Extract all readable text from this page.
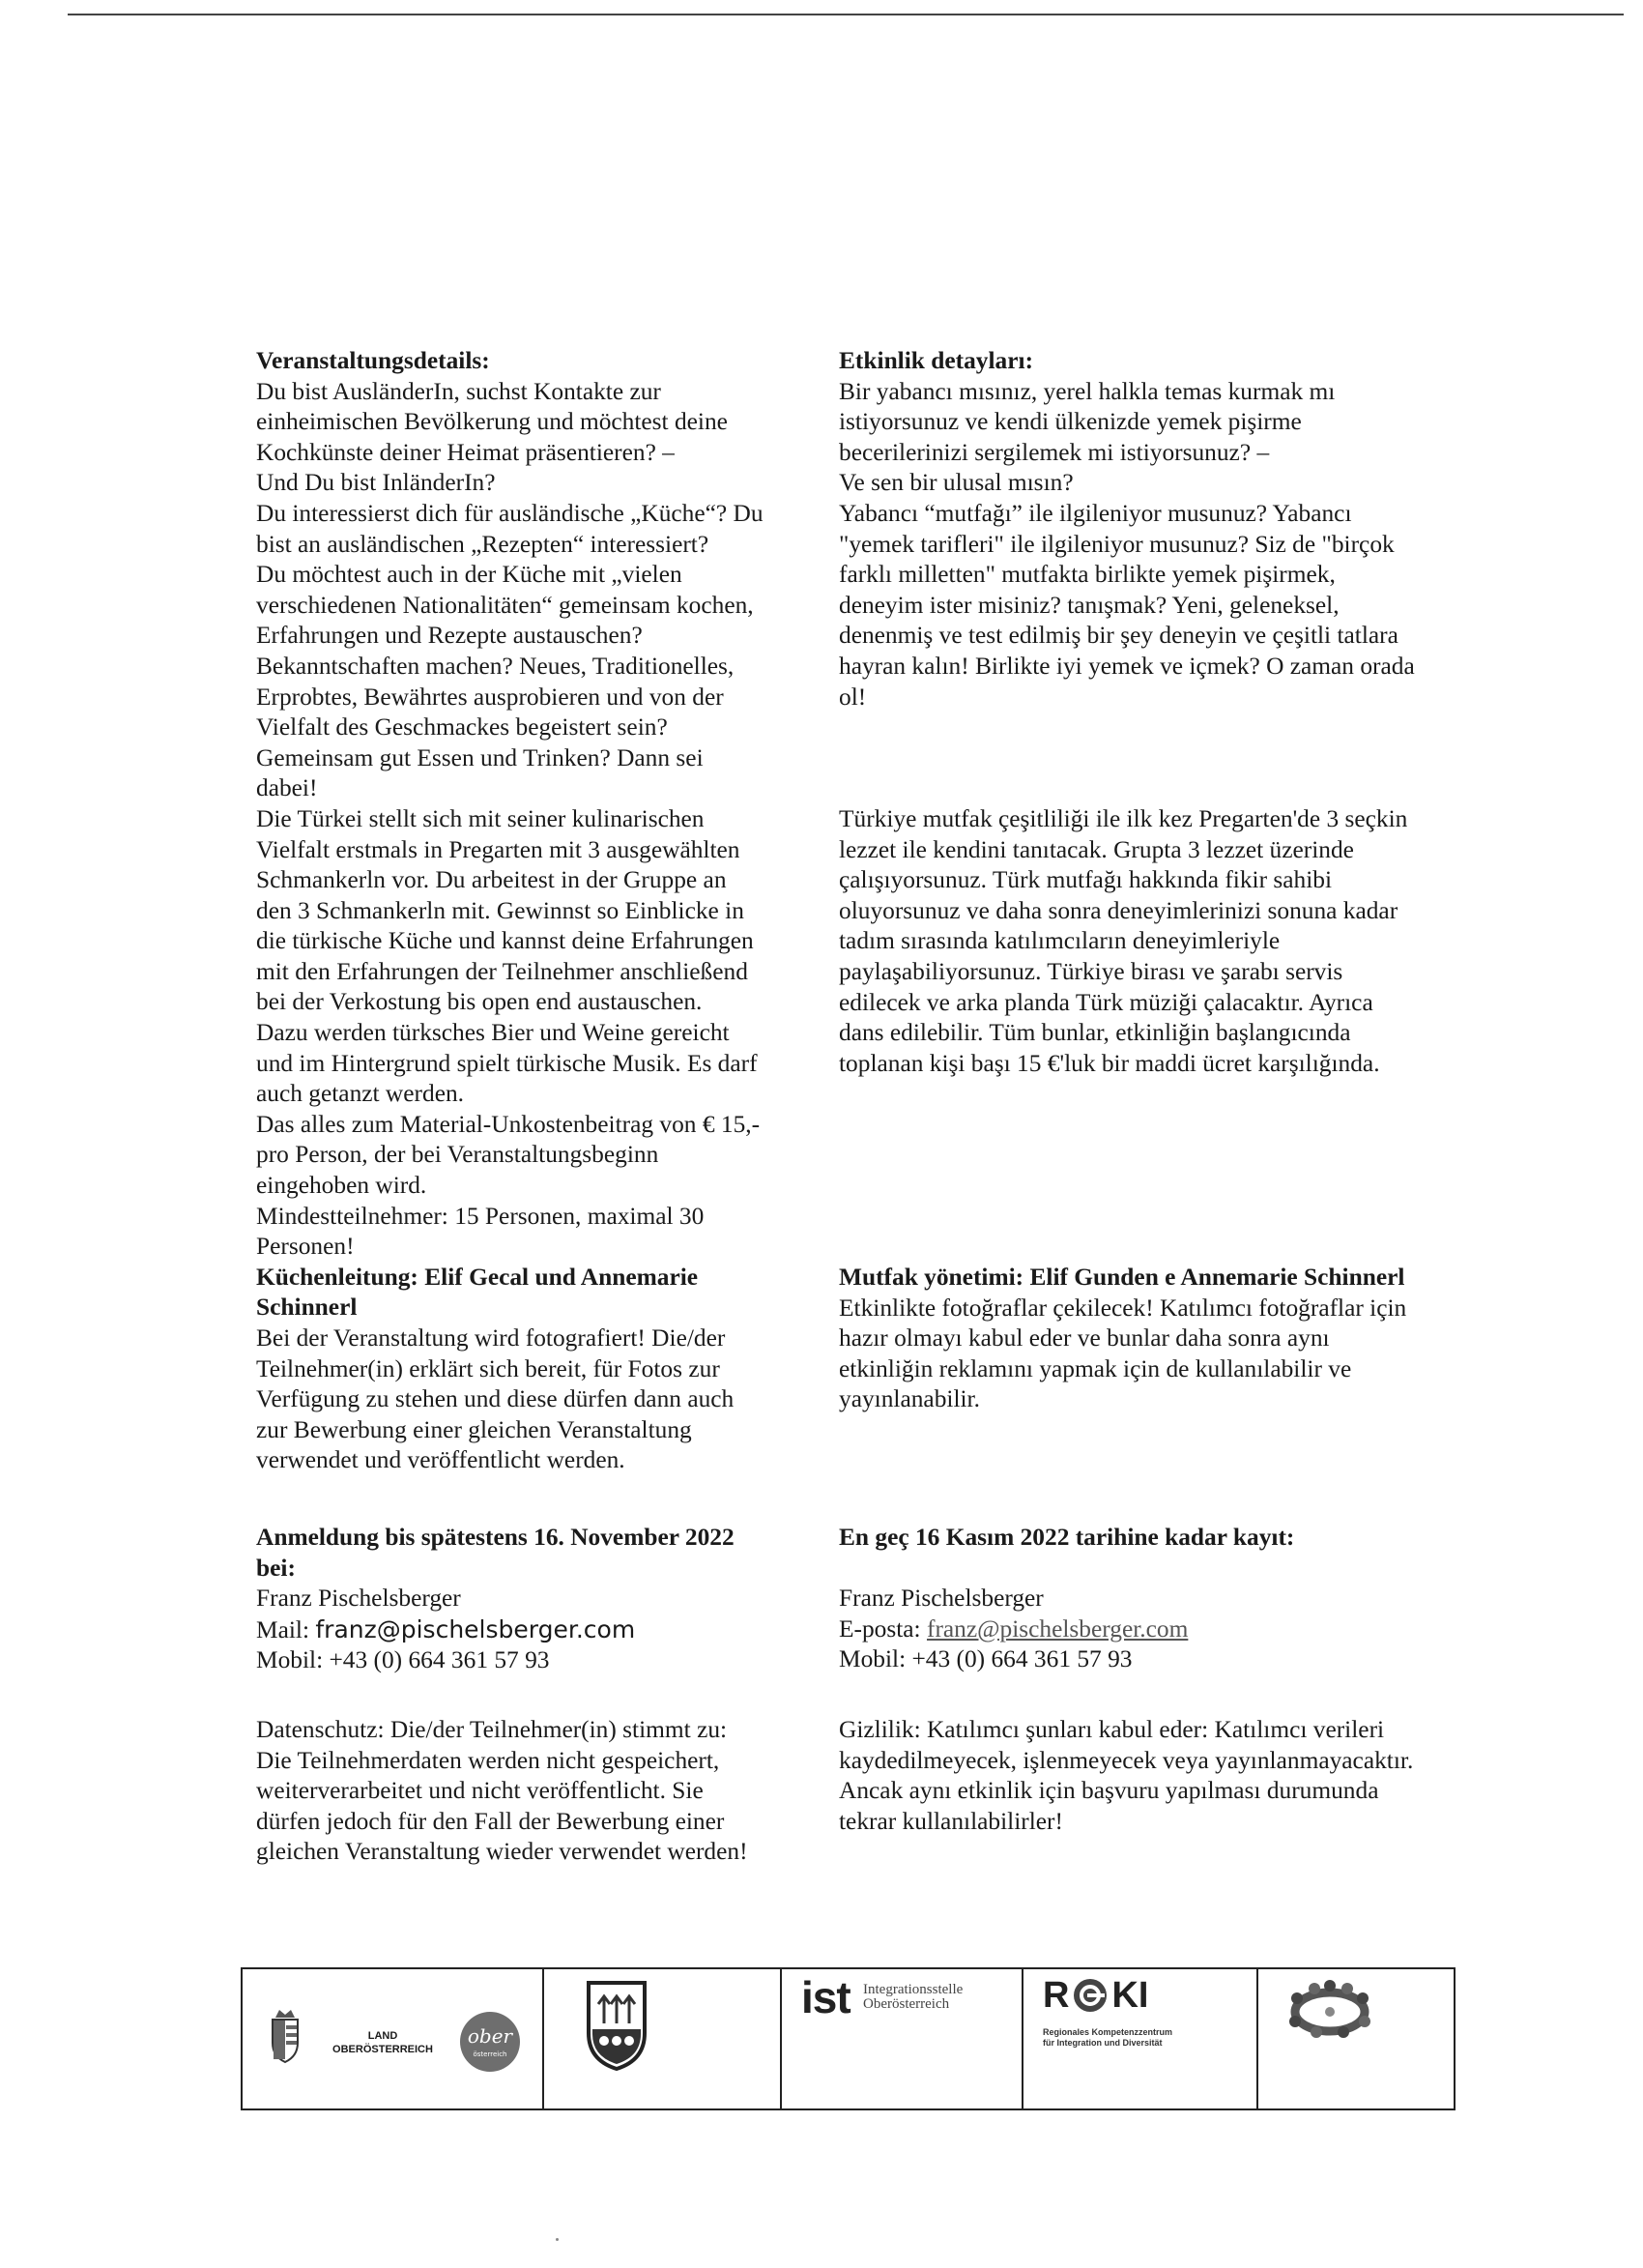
Veranstaltungsdetails:
Du bist AusländerIn, suchst Kontakte zur
einheimischen Bevölkerung und möchtest deine
Kochkünste deiner Heimat präsentieren? –
Und Du bist InländerIn?
Du interessierst dich für ausländische „Küche“? Du
bist an ausländischen „Rezepten“ interessiert?
Du möchtest auch in der Küche mit „vielen
verschiedenen Nationalitäten“ gemeinsam kochen,
Erfahrungen und Rezepte austauschen?
Bekanntschaften machen? Neues, Traditionelles,
Erprobtes, Bewährtes ausprobieren und von der
Vielfalt des Geschmackes begeistert sein?
Gemeinsam gut Essen und Trinken? Dann sei
dabei!
Die Türkei stellt sich mit seiner kulinarischen
Vielfalt erstmals in Pregarten mit 3 ausgewählten
Schmankerln vor. Du arbeitest in der Gruppe an
den 3 Schmankerln mit. Gewinnst so Einblicke in
die türkische Küche und kannst deine Erfahrungen
mit den Erfahrungen der Teilnehmer anschließend
bei der Verkostung bis open end austauschen.
Dazu werden türksches Bier und Weine gereicht
und im Hintergrund spielt türkische Musik. Es darf
auch getanzt werden.
Das alles zum Material-Unkostenbeitrag von € 15,-
pro Person, der bei Veranstaltungsbeginn
eingehoben wird.
Mindestteilnehmer: 15 Personen, maximal 30
Personen!
Küchenleitung: Elif Gecal und Annemarie
Schinnerl
Bei der Veranstaltung wird fotografiert! Die/der
Teilnehmer(in) erklärt sich bereit, für Fotos zur
Verfügung zu stehen und diese dürfen dann auch
zur Bewerbung einer gleichen Veranstaltung
verwendet und veröffentlicht werden.
Anmeldung bis spätestens 16. November 2022
bei:
Franz Pischelsberger
Mail: franz@pischelsberger.com
Mobil: +43 (0) 664 361 57 93
Datenschutz: Die/der Teilnehmer(in) stimmt zu:
Die Teilnehmerdaten werden nicht gespeichert,
weiterverarbeitet und nicht veröffentlicht. Sie
dürfen jedoch für den Fall der Bewerbung einer
gleichen Veranstaltung wieder verwendet werden!
Etkinlik detayları:
Bir yabancı mısınız, yerel halkla temas kurmak mı
istiyorsunuz ve kendi ülkenizde yemek pişirme
becerilerinizi sergilemek mi istiyorsunuz? –
Ve sen bir ulusal mısın?
Yabancı “mutfağı” ile ilgileniyor musunuz? Yabancı
"yemek tarifleri" ile ilgileniyor musunuz? Siz de "birçok
farklı milletten" mutfakta birlikte yemek pişirmek,
deneyim ister misiniz? tanışmak? Yeni, geleneksel,
denenmiş ve test edilmiş bir şey deneyin ve çeşitli tatlara
hayran kalın! Birlikte iyi yemek ve içmek? O zaman orada
ol!
Türkiye mutfak çeşitliliği ile ilk kez Pregarten'de 3 seçkin
lezzet ile kendini tanıtacak. Grupta 3 lezzet üzerinde
çalışıyorsunuz. Türk mutfağı hakkında fikir sahibi
oluyorsunuz ve daha sonra deneyimlerinizi sonuna kadar
tadım sırasında katılımcıların deneyimleriyle
paylaşabiliyorsunuz. Türkiye birası ve şarabı servis
edilecek ve arka planda Türk müziği çalacaktır. Ayrıca
dans edilebilir. Tüm bunlar, etkinliğin başlangıcında
toplanan kişi başı 15 €'luk bir maddi ücret karşılığında.
Mutfak yönetimi: Elif Gunden e Annemarie Schinnerl
Etkinlikte fotoğraflar çekilecek! Katılımcı fotoğraflar için
hazır olmayı kabul eder ve bunlar daha sonra aynı
etkinliğin reklamını yapmak için de kullanılabilir ve
yayınlanabilir.
En geç 16 Kasım 2022 tarihine kadar kayıt:

Franz Pischelsberger
E-posta: franz@pischelsberger.com
Mobil: +43 (0) 664 361 57 93
Gizlilik: Katılımcı şunları kabul eder: Katılımcı verileri
kaydedilmeyecek, işlenmeyecek veya yayınlanmayacaktır.
Ancak aynı etkinlik için başvuru yapılması durumunda
tekrar kullanılabilirler!
LAND
OBERÖSTERREICH
ober
österreich
ist Integrationsstelle
Oberösterreich	R KI
Regionales Kompetenzzentrum
für Integration und Diversität
